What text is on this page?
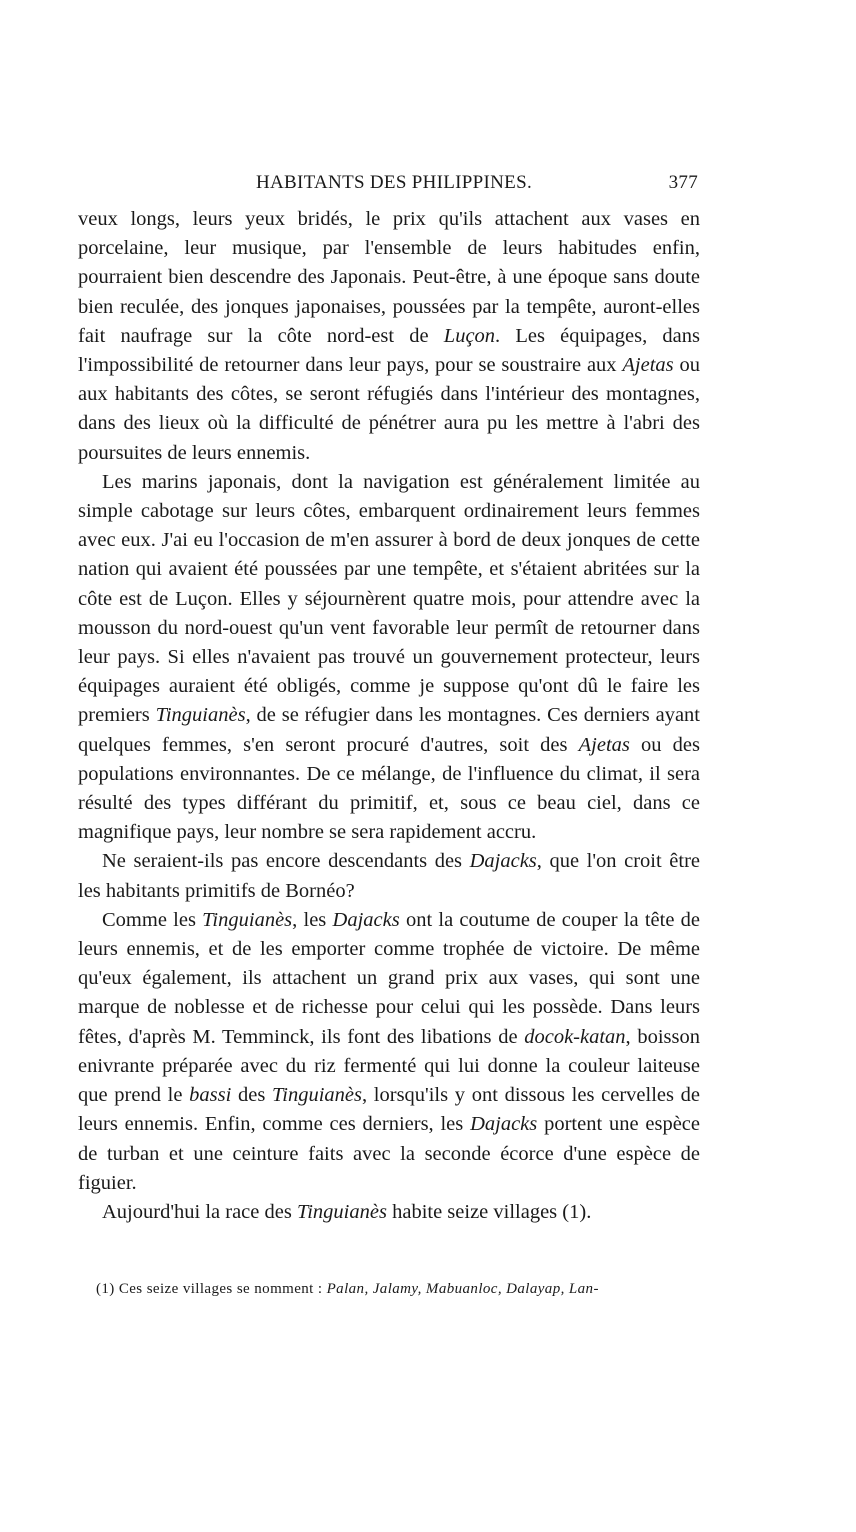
HABITANTS DES PHILIPPINES.	377

veux longs, leurs yeux bridés, le prix qu'ils attachent aux vases en porcelaine, leur musique, par l'ensemble de leurs habitudes enfin, pourraient bien descendre des Japonais. Peut-être, à une époque sans doute bien reculée, des jonques japonaises, poussées par la tempête, auront-elles fait naufrage sur la côte nord-est de Luçon. Les équipages, dans l'impossibilité de retourner dans leur pays, pour se soustraire aux Ajetas ou aux habitants des côtes, se seront réfugiés dans l'intérieur des montagnes, dans des lieux où la difficulté de pénétrer aura pu les mettre à l'abri des poursuites de leurs ennemis.

Les marins japonais, dont la navigation est généralement limitée au simple cabotage sur leurs côtes, embarquent ordinairement leurs femmes avec eux. J'ai eu l'occasion de m'en assurer à bord de deux jonques de cette nation qui avaient été poussées par une tempête, et s'étaient abritées sur la côte est de Luçon. Elles y séjournèrent quatre mois, pour attendre avec la mousson du nord-ouest qu'un vent favorable leur permît de retourner dans leur pays. Si elles n'avaient pas trouvé un gouvernement protecteur, leurs équipages auraient été obligés, comme je suppose qu'ont dû le faire les premiers Tinguianès, de se réfugier dans les montagnes. Ces derniers ayant quelques femmes, s'en seront procuré d'autres, soit des Ajetas ou des populations environnantes. De ce mélange, de l'influence du climat, il sera résulté des types différant du primitif, et, sous ce beau ciel, dans ce magnifique pays, leur nombre se sera rapidement accru.

Ne seraient-ils pas encore descendants des Dajacks, que l'on croit être les habitants primitifs de Bornéo?

Comme les Tinguianès, les Dajacks ont la coutume de couper la tête de leurs ennemis, et de les emporter comme trophée de victoire. De même qu'eux également, ils attachent un grand prix aux vases, qui sont une marque de noblesse et de richesse pour celui qui les possède. Dans leurs fêtes, d'après M. Temminck, ils font des libations de docok-katan, boisson enivrante préparée avec du riz fermenté qui lui donne la couleur laiteuse que prend le bassi des Tinguianès, lorsqu'ils y ont dissous les cervelles de leurs ennemis. Enfin, comme ces derniers, les Dajacks portent une espèce de turban et une ceinture faits avec la seconde écorce d'une espèce de figuier.

Aujourd'hui la race des Tinguianès habite seize villages (1).

(1) Ces seize villages se nomment : Palan, Jalamy, Mabuanloc, Dalayap, Lan-
